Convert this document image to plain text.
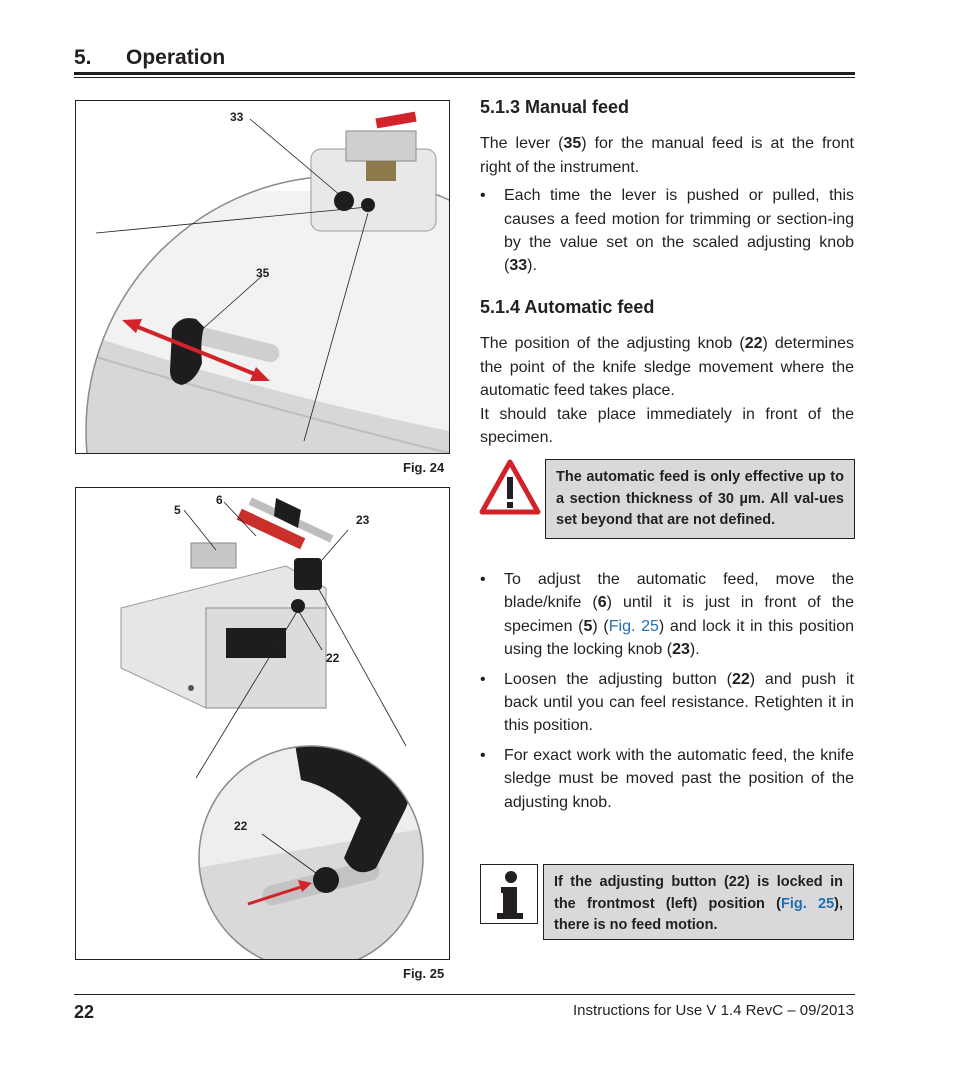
5. Operation
33
35
Fig. 24
5
6
23
22
22
Fig. 25
5.1.3 Manual feed

The lever (35) for the manual feed is at the front right of the instrument.

• Each time the lever is pushed or pulled, this causes a feed motion for trimming or section-ing by the value set on the scaled adjusting knob (33).
5.1.4 Automatic feed

The position of the adjusting knob (22) determines the point of the knife sledge movement where the automatic feed takes place.

It should take place immediately in front of the specimen.

The automatic feed is only effective up to a section thickness of 30 µm. All val-ues set beyond that are not defined.
• To adjust the automatic feed, move the blade/knife (6) until it is just in front of the specimen (5) (Fig. 25) and lock it in this position using the locking knob (23).
• Loosen the adjusting button (22) and push it back until you can feel resistance. Retighten it in this position.
• For exact work with the automatic feed, the knife sledge must be moved past the position of the adjusting knob.
If the adjusting button (22) is locked in the frontmost (left) position (Fig. 25), there is no feed motion.
22	Instructions for Use V 1.4 RevC – 09/2013
